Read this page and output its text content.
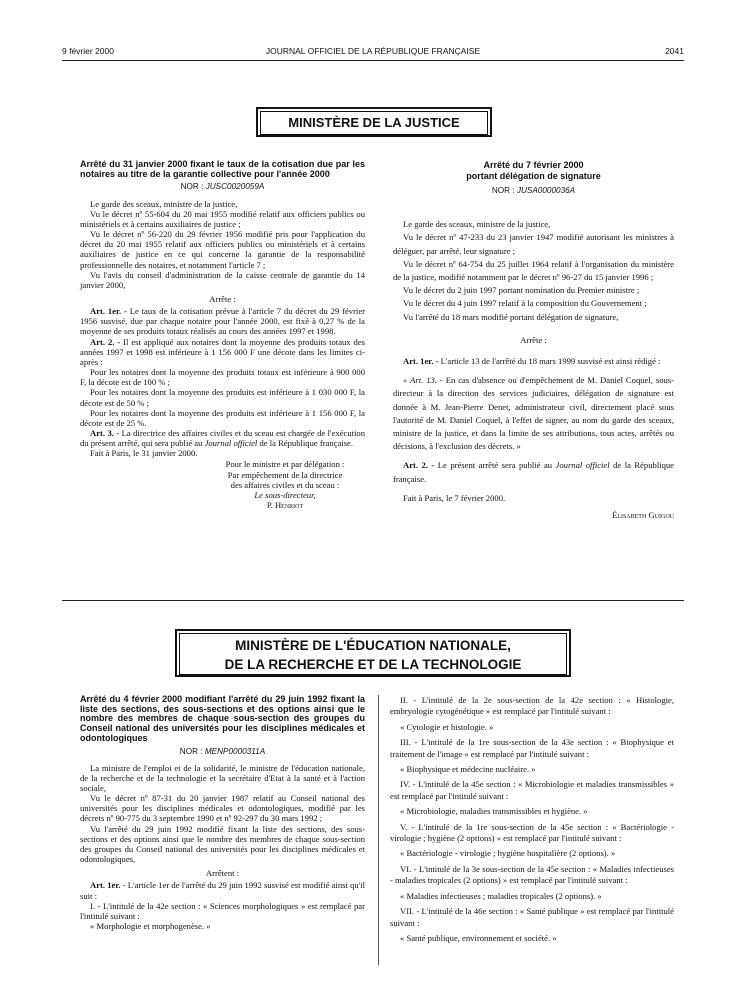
9 février 2000	JOURNAL OFFICIEL DE LA RÉPUBLIQUE FRANÇAISE	2041
MINISTÈRE DE LA JUSTICE

Arrêté du 31 janvier 2000 fixant le taux de la cotisation due par les notaires au titre de la garantie collective pour l'année 2000

NOR : JUSC0020059A

Le garde des sceaux, ministre de la justice,

Vu le décret nº 55-604 du 20 mai 1955 modifié relatif aux officiers publics ou ministériels et à certains auxiliaires de justice ;

Vu le décret nº 56-220 du 29 février 1956 modifié pris pour l'application du décret du 20 mai 1955 relatif aux officiers publics ou ministériels et à certains auxiliaires de justice en ce qui concerne la garantie de la responsabilité professionnelle des notaires, et notamment l'article 7 ;

Vu l'avis du conseil d'administration de la caisse centrale de garantie du 14 janvier 2000,

Arrête :

Art. 1er. - Le taux de la cotisation prévue à l'article 7 du décret du 29 février 1956 susvisé, due par chaque notaire pour l'année 2000, est fixé à 0,27 % de la moyenne de ses produits totaux réalisés au cours des années 1997 et 1998.

Art. 2. - Il est appliqué aux notaires dont la moyenne des produits totaux des années 1997 et 1998 est inférieure à 1 156 000 F une décote dans les limites ci-après :

Pour les notaires dont la moyenne des produits totaux est inférieure à 900 000 F, la décote est de 100 % ;

Pour les notaires dont la moyenne des produits est inférieure à 1 030 000 F, la décote est de 50 % ;

Pour les notaires dont la moyenne des produits est inférieure à 1 156 000 F, la décote est de 25 %.

Art. 3. - La directrice des affaires civiles et du sceau est chargée de l'exécution du présent arrêté, qui sera publié au Journal officiel de la République française.

Fait à Paris, le 31 janvier 2000.

Pour le ministre et par délégation :
Par empêchement de la directrice
des affaires civiles et du sceau :
Le sous-directeur,
P. Henriot

Arrêté du 7 février 2000

portant délégation de signature

NOR : JUSA0000036A

Le garde des sceaux, ministre de la justice,

Vu le décret nº 47-233 du 23 janvier 1947 modifié autorisant les ministres à déléguer, par arrêté, leur signature ;

Vu le décret nº 64-754 du 25 juillet 1964 relatif à l'organisation du ministère de la justice, modifié notamment par le décret nº 96-27 du 15 janvier 1996 ;

Vu le décret du 2 juin 1997 portant nomination du Premier ministre ;

Vu le décret du 4 juin 1997 relatif à la composition du Gouvernement ;

Vu l'arrêté du 18 mars modifié portant délégation de signature,

Arrête :

Art. 1er. - L'article 13 de l'arrêté du 18 mars 1999 susvisé est ainsi rédigé :

« Art. 13. - En cas d'absence ou d'empêchement de M. Daniel Coquel, sous-directeur à la direction des services judiciaires, délégation de signature est donnée à M. Jean-Pierre Denet, administrateur civil, directement placé sous l'autorité de M. Daniel Coquel, à l'effet de signer, au nom du garde des sceaux, ministre de la justice, et dans la limite de ses attributions, tous actes, arrêtés ou décisions, à l'exclusion des décrets. »

Art. 2. - Le présent arrêté sera publié au Journal officiel de la République française.

Fait à Paris, le 7 février 2000.

Élisabeth Guigou

MINISTÈRE DE L'ÉDUCATION NATIONALE,
DE LA RECHERCHE ET DE LA TECHNOLOGIE

Arrêté du 4 février 2000 modifiant l'arrêté du 29 juin 1992 fixant la liste des sections, des sous-sections et des options ainsi que le nombre des membres de chaque sous-section des groupes du Conseil national des universités pour les disciplines médicales et odontologiques

NOR : MENP0000311A

La ministre de l'emploi et de la solidarité, le ministre de l'éducation nationale, de la recherche et de la technologie et la secrétaire d'Etat à la santé et à l'action sociale,

Vu le décret nº 87-31 du 20 janvier 1987 relatif au Conseil national des universités pour les disciplines médicales et odontologiques, modifié par les décrets nº 90-775 du 3 septembre 1990 et nº 92-297 du 30 mars 1992 ;

Vu l'arrêté du 29 juin 1992 modifié fixant la liste des sections, des sous-sections et des options ainsi que le nombre des membres de chaque sous-section des groupes du Conseil national des universités pour les disciplines médicales et odontologiques,

Arrêtent :

Art. 1er. - L'article 1er de l'arrêté du 29 juin 1992 susvisé est modifié ainsi qu'il suit :

I. - L'intitulé de la 42e section : « Sciences morphologiques » est remplacé par l'intitulé suivant :

« Morphologie et morphogenèse. »

II. - L'intitulé de la 2e sous-section de la 42e section : « Histologie, embryologie cytogénétique » est remplacé par l'intitulé suivant :

« Cytologie et histologie. »

III. - L'intitulé de la 1re sous-section de la 43e section : « Biophysique et traitement de l'image » est remplacé par l'intitulé suivant :

« Biophysique et médecine nucléaire. »

IV. - L'intitulé de la 45e section : « Microbiologie et maladies transmissibles » est remplacé par l'intitulé suivant :

« Microbiologie, maladies transmissibles et hygiène. »

V. - L'intitulé de la 1re sous-section de la 45e section : « Bactériologie - virologie ; hygiène (2 options) » est remplacé par l'intitulé suivant :

« Bactériologie - virologie ; hygiène hospitalière (2 options). »

VI. - L'intitulé de la 3e sous-section de la 45e section : « Maladies infectieuses - maladies tropicales (2 options) » est remplacé par l'intitulé suivant :

« Maladies infectieuses ; maladies tropicales (2 options). »

VII. - L'intitulé de la 46e section : « Santé publique » est remplacé par l'intitulé suivant :

« Santé publique, environnement et société. »
